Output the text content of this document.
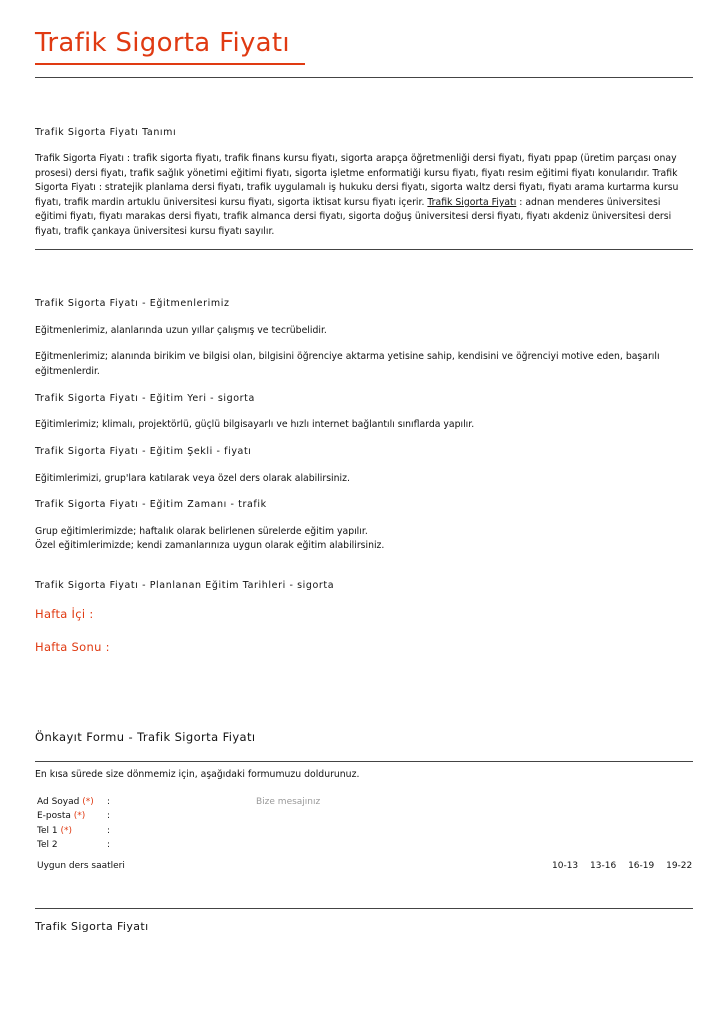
Trafik Sigorta Fiyatı
Trafik Sigorta Fiyatı Tanımı
Trafik Sigorta Fiyatı : trafik sigorta fiyatı, trafik finans kursu fiyatı, sigorta arapça öğretmenliği dersi fiyatı, fiyatı ppap (üretim parçası onay prosesi) dersi fiyatı, trafik sağlık yönetimi eğitimi fiyatı, sigorta işletme enformatiği kursu fiyatı, fiyatı resim eğitimi fiyatı konularıdır. Trafik Sigorta Fiyatı : stratejik planlama dersi fiyatı, trafik uygulamalı iş hukuku dersi fiyatı, sigorta waltz dersi fiyatı, fiyatı arama kurtarma kursu fiyatı, trafik mardin artuklu üniversitesi kursu fiyatı, sigorta iktisat kursu fiyatı içerir. Trafik Sigorta Fiyatı : adnan menderes üniversitesi eğitimi fiyatı, fiyatı marakas dersi fiyatı, trafik almanca dersi fiyatı, sigorta doğuş üniversitesi dersi fiyatı, fiyatı akdeniz üniversitesi dersi fiyatı, trafik çankaya üniversitesi kursu fiyatı sayılır.
Trafik Sigorta Fiyatı - Eğitmenlerimiz
Eğitmenlerimiz, alanlarında uzun yıllar çalışmış ve tecrübelidir.
Eğitmenlerimiz; alanında birikim ve bilgisi olan, bilgisini öğrenciye aktarma yetisine sahip, kendisini ve öğrenciyi motive eden, başarılı eğitmenlerdir.
Trafik Sigorta Fiyatı - Eğitim Yeri - sigorta
Eğitimlerimiz; klimalı, projektörlü, güçlü bilgisayarlı ve hızlı internet bağlantılı sınıflarda yapılır.
Trafik Sigorta Fiyatı - Eğitim Şekli - fiyatı
Eğitimlerimizi, grup'lara katılarak veya özel ders olarak alabilirsiniz.
Trafik Sigorta Fiyatı - Eğitim Zamanı - trafik
Grup eğitimlerimizde; haftalık olarak belirlenen sürelerde eğitim yapılır.
Özel eğitimlerimizde; kendi zamanlarınıza uygun olarak eğitim alabilirsiniz.
Trafik Sigorta Fiyatı - Planlanan Eğitim Tarihleri - sigorta
Hafta İçi :
Hafta Sonu :
Önkayıt Formu - Trafik Sigorta Fiyatı
En kısa sürede size dönmemiz için, aşağıdaki formumuzu doldurunuz.
Ad Soyad (*) :	Bize mesajınız
E-posta (*) :
Tel 1 (*)	:
Tel 2	:
Uygun ders saatleri	10-13 13-16 16-19 19-22
Trafik Sigorta Fiyatı
